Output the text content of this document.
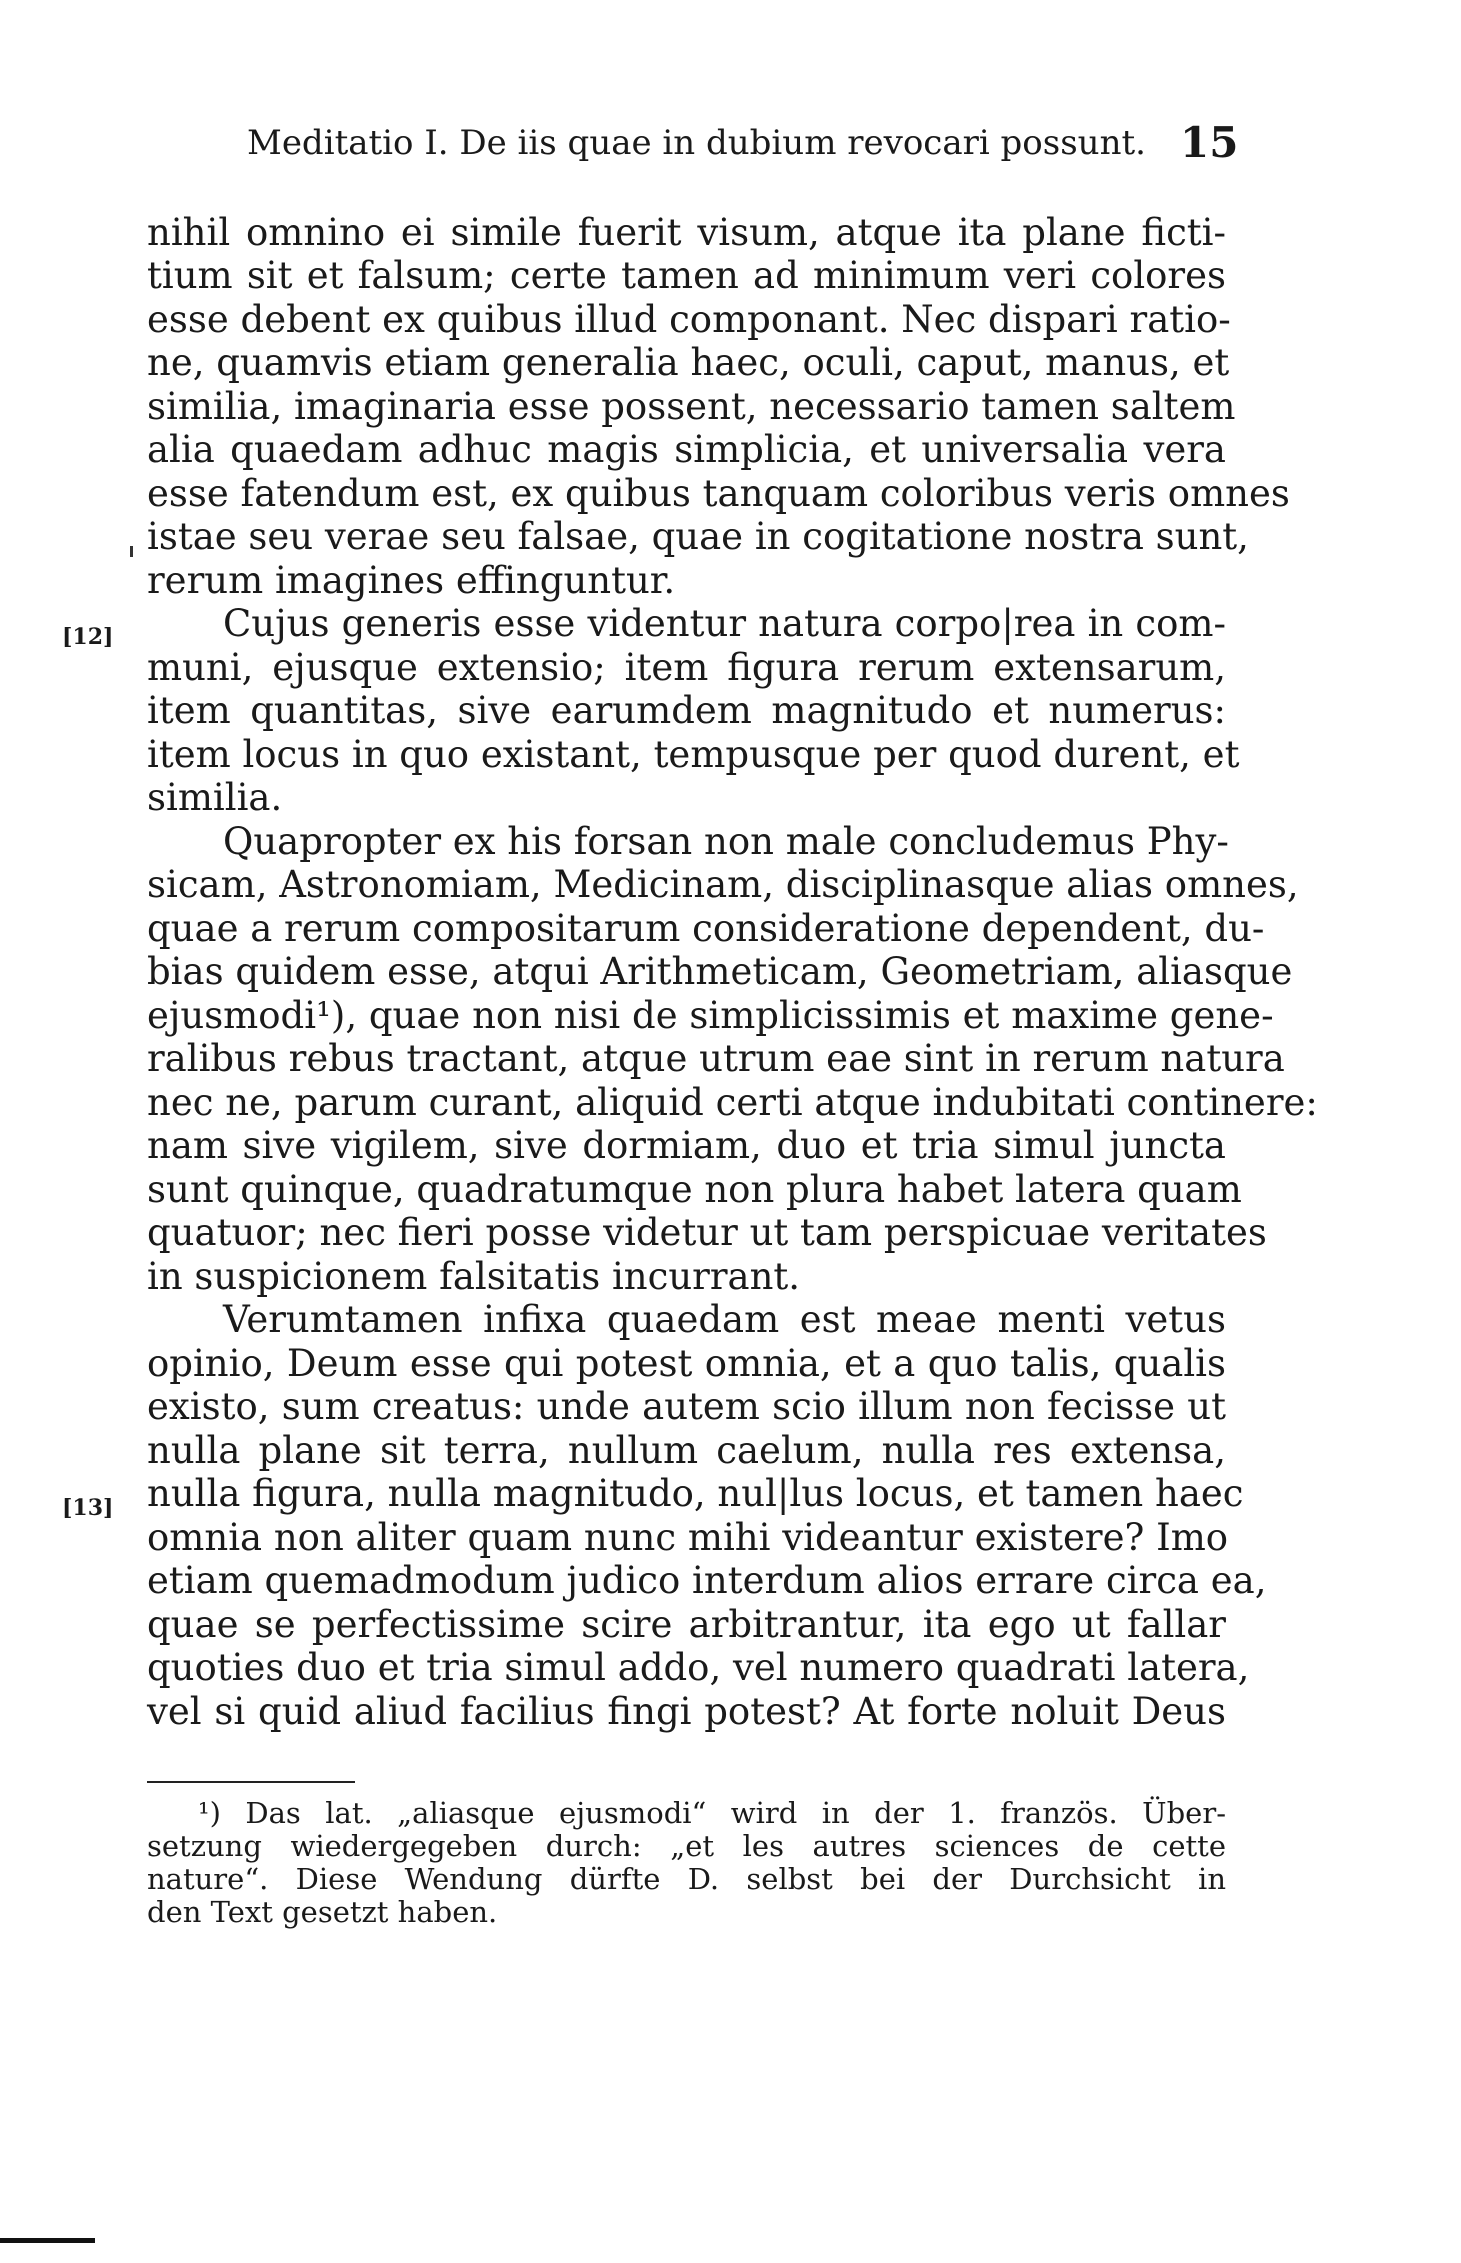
Meditatio I. De iis quae in dubium revocari possunt. 15
[12]
[13]
nihil omnino ei simile fuerit visum, atque ita plane ficti-
tium sit et falsum; certe tamen ad minimum veri colores
esse debent ex quibus illud componant. Nec dispari ratio-
ne, quamvis etiam generalia haec, oculi, caput, manus, et
similia, imaginaria esse possent, necessario tamen saltem
alia quaedam adhuc magis simplicia, et universalia vera
esse fatendum est, ex quibus tanquam coloribus veris omnes
istae seu verae seu falsae, quae in cogitatione nostra sunt,
rerum imagines effinguntur.
Cujus generis esse videntur natura corpo|rea in com-
muni, ejusque extensio; item figura rerum extensarum,
item quantitas, sive earumdem magnitudo et numerus:
item locus in quo existant, tempusque per quod durent, et
similia.
Quapropter ex his forsan non male concludemus Phy-
sicam, Astronomiam, Medicinam, disciplinasque alias omnes,
quae a rerum compositarum consideratione dependent, du-
bias quidem esse, atqui Arithmeticam, Geometriam, aliasque
ejusmodi¹), quae non nisi de simplicissimis et maxime gene-
ralibus rebus tractant, atque utrum eae sint in rerum natura
nec ne, parum curant, aliquid certi atque indubitati continere:
nam sive vigilem, sive dormiam, duo et tria simul juncta
sunt quinque, quadratumque non plura habet latera quam
quatuor; nec fieri posse videtur ut tam perspicuae veritates
in suspicionem falsitatis incurrant.
Verumtamen infixa quaedam est meae menti vetus
opinio, Deum esse qui potest omnia, et a quo talis, qualis
existo, sum creatus: unde autem scio illum non fecisse ut
nulla plane sit terra, nullum caelum, nulla res extensa,
nulla figura, nulla magnitudo, nul|lus locus, et tamen haec
omnia non aliter quam nunc mihi videantur existere? Imo
etiam quemadmodum judico interdum alios errare circa ea,
quae se perfectissime scire arbitrantur, ita ego ut fallar
quoties duo et tria simul addo, vel numero quadrati latera,
vel si quid aliud facilius fingi potest? At forte noluit Deus
¹) Das lat. „aliasque ejusmodi“ wird in der 1. französ. Über-
setzung wiedergegeben durch: „et les autres sciences de cette
nature“. Diese Wendung dürfte D. selbst bei der Durchsicht in
den Text gesetzt haben.
